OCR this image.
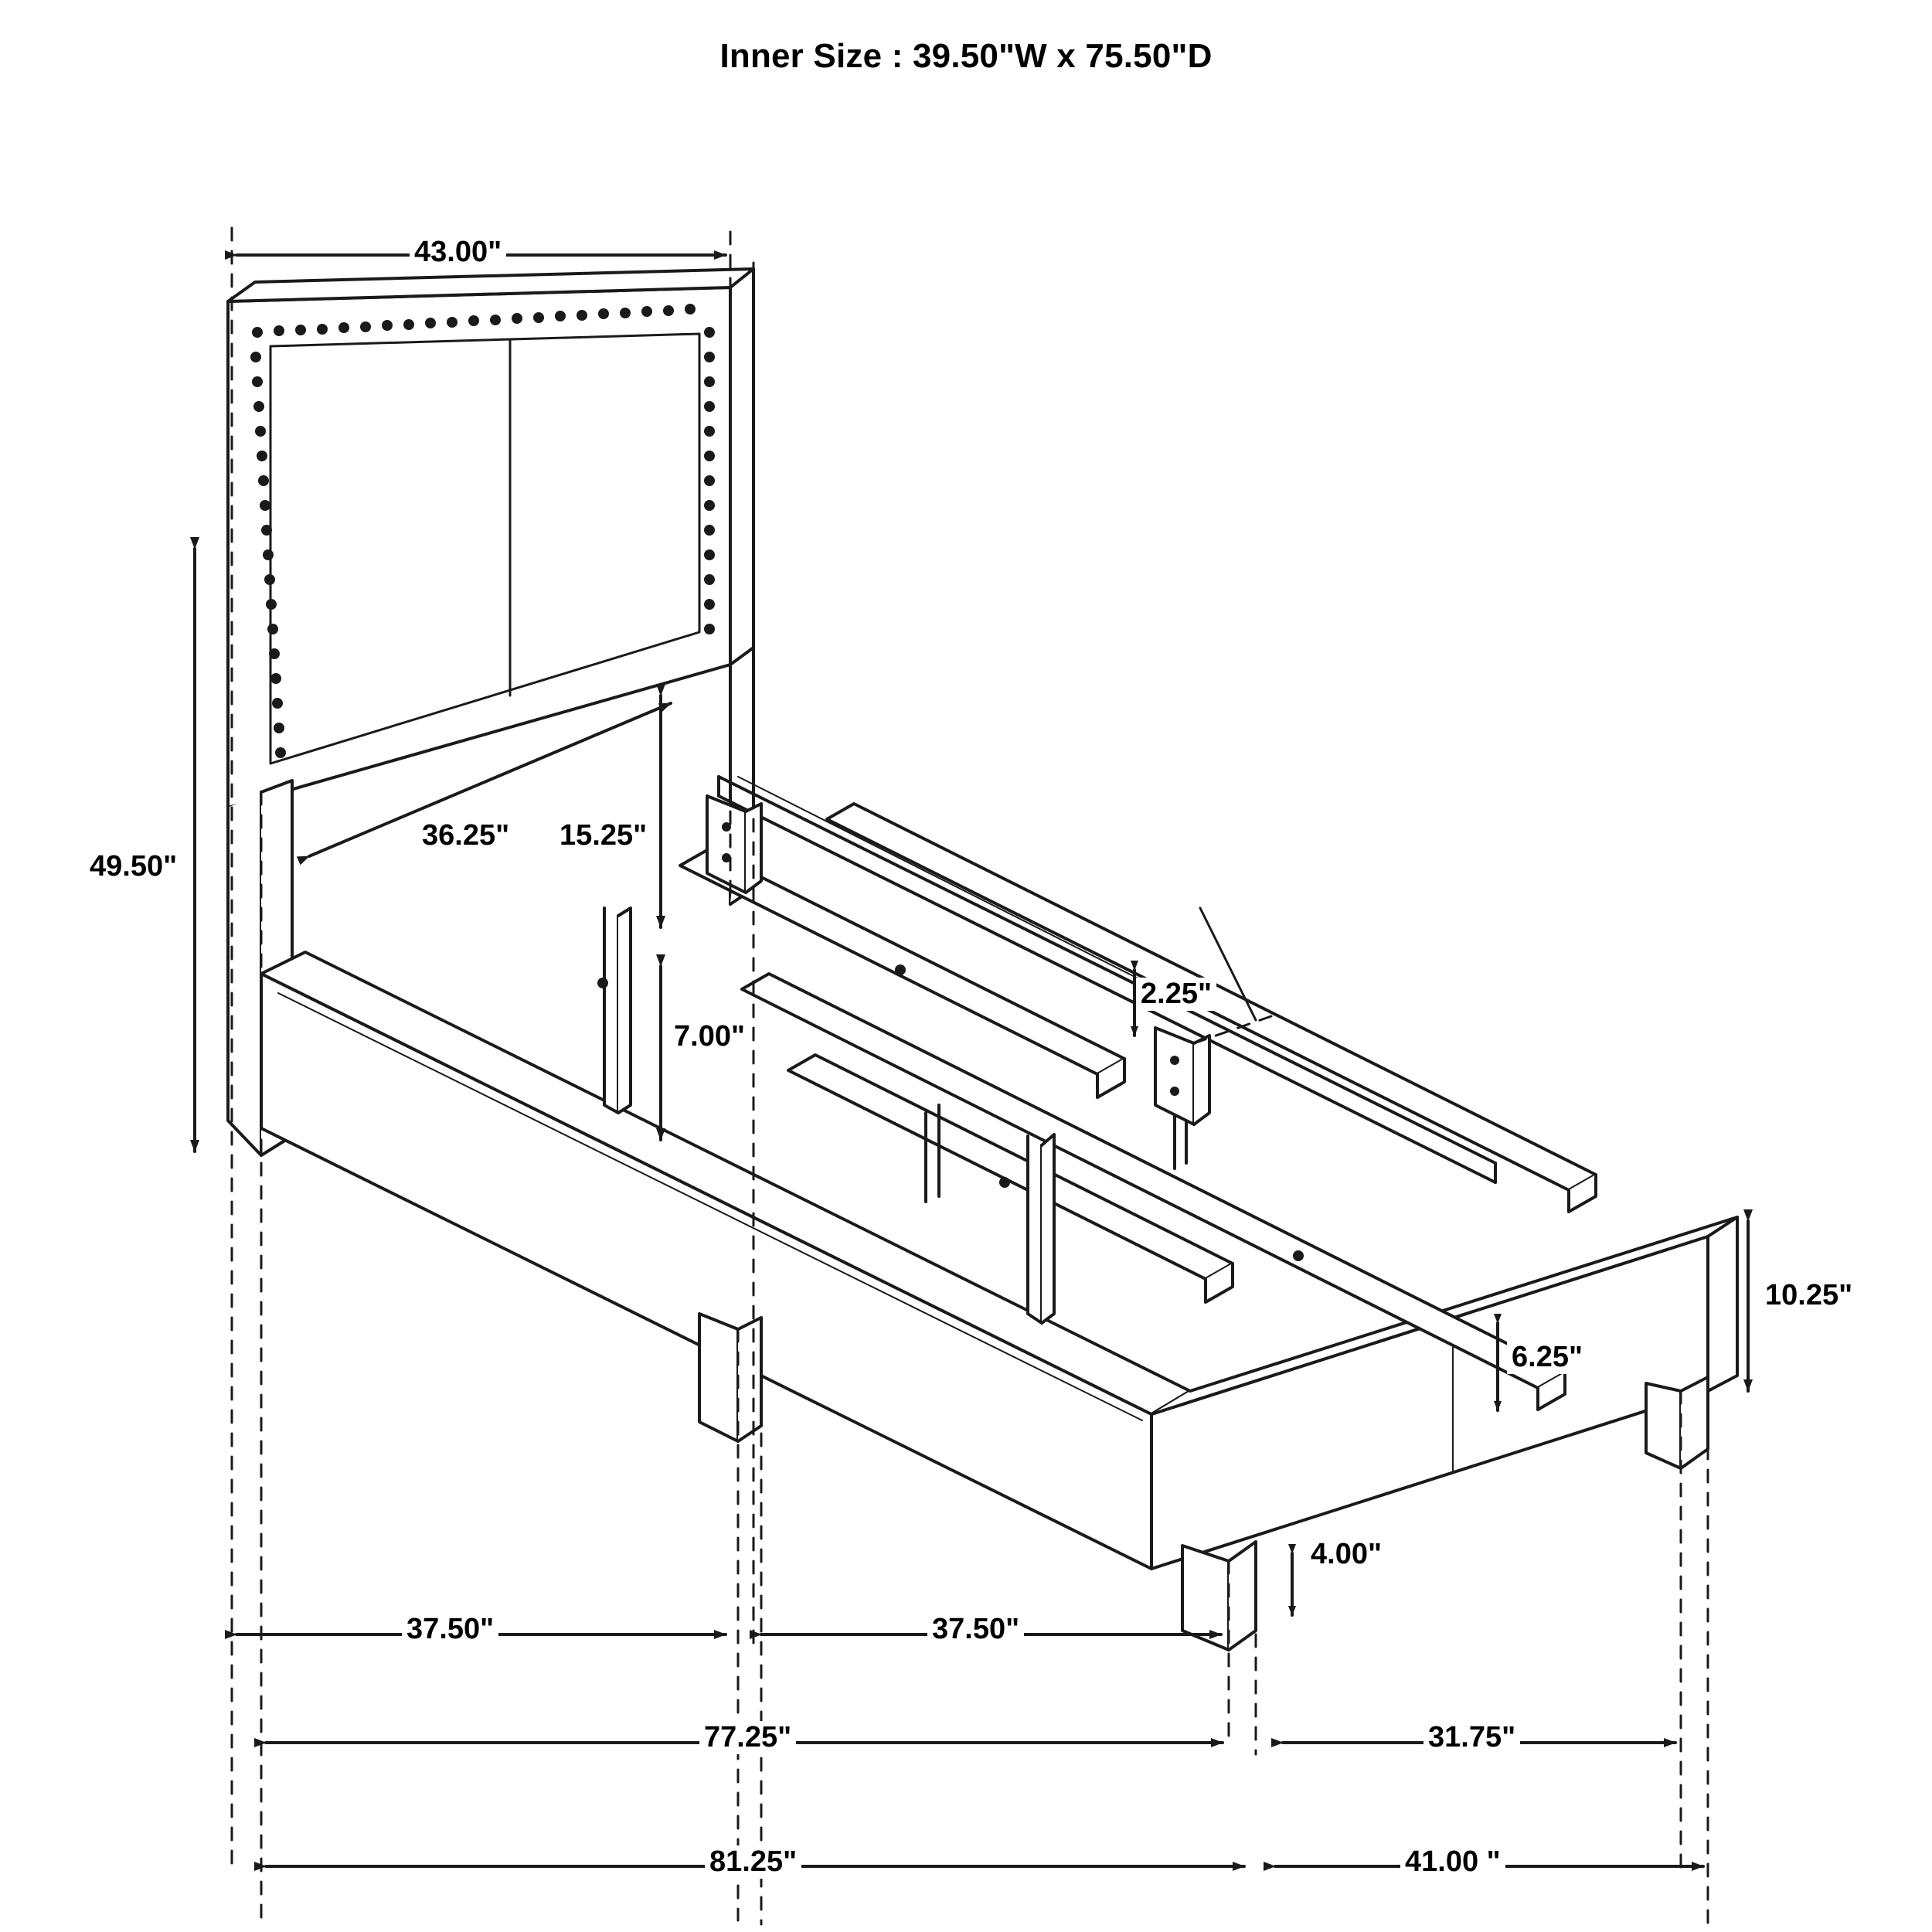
Inner Size : 39.50"W x 75.50"D
43.00"
49.50"
36.25" 15.25"
7.00"
2.25"
10.25"
6.25"
4.00"
37.50"	37.50"
77.25"	31.75"
81.25"	41.00 "
